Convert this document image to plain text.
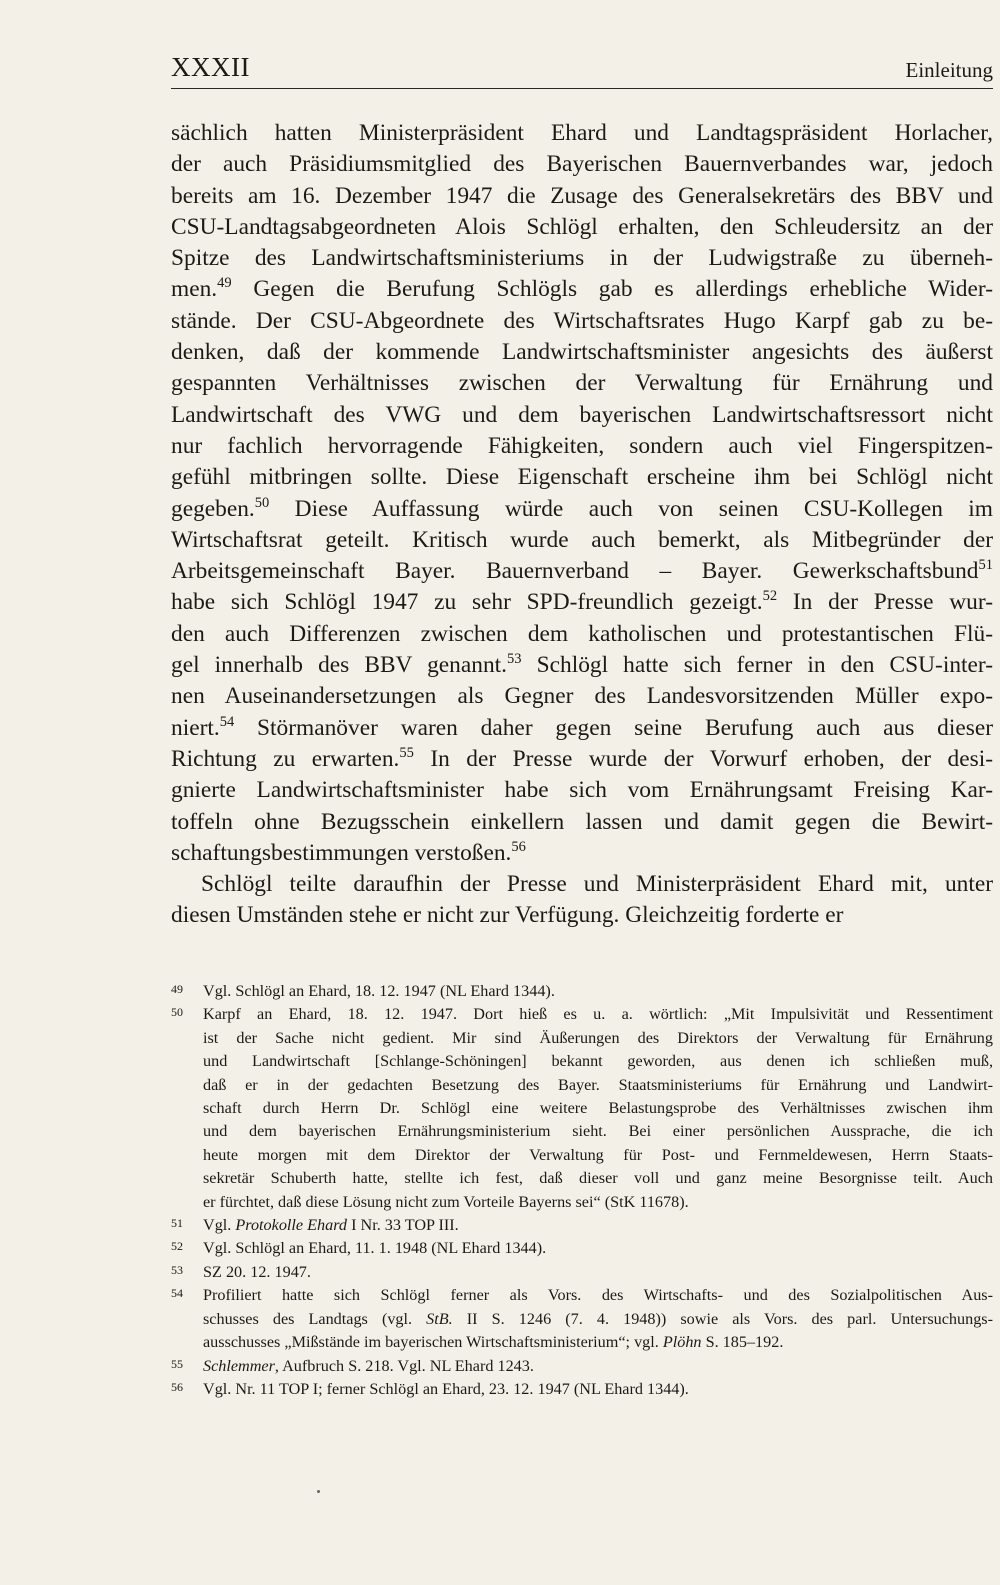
XXXII	Einleitung
sächlich hatten Ministerpräsident Ehard und Landtagspräsident Horlacher,
der auch Präsidiumsmitglied des Bayerischen Bauernverbandes war, jedoch
bereits am 16. Dezember 1947 die Zusage des Generalsekretärs des BBV und
CSU-Landtagsabgeordneten Alois Schlögl erhalten, den Schleudersitz an der
Spitze des Landwirtschaftsministeriums in der Ludwigstraße zu überneh-
men.$^{49}$ Gegen die Berufung Schlögls gab es allerdings erhebliche Wider-
stände. Der CSU-Abgeordnete des Wirtschaftsrates Hugo Karpf gab zu be-
denken, daß der kommende Landwirtschaftsminister angesichts des äußerst
gespannten Verhältnisses zwischen der Verwaltung für Ernährung und
Landwirtschaft des VWG und dem bayerischen Landwirtschaftsressort nicht
nur fachlich hervorragende Fähigkeiten, sondern auch viel Fingerspitzen-
gefühl mitbringen sollte. Diese Eigenschaft erscheine ihm bei Schlögl nicht
gegeben.$^{50}$ Diese Auffassung würde auch von seinen CSU-Kollegen im
Wirtschaftsrat geteilt. Kritisch wurde auch bemerkt, als Mitbegründer der
Arbeitsgemeinschaft Bayer. Bauernverband – Bayer. Gewerkschaftsbund$^{51}$
habe sich Schlögl 1947 zu sehr SPD-freundlich gezeigt.$^{52}$ In der Presse wur-
den auch Differenzen zwischen dem katholischen und protestantischen Flü-
gel innerhalb des BBV genannt.$^{53}$ Schlögl hatte sich ferner in den CSU-inter-
nen Auseinandersetzungen als Gegner des Landesvorsitzenden Müller expo-
niert.$^{54}$ Störmanöver waren daher gegen seine Berufung auch aus dieser
Richtung zu erwarten.$^{55}$ In der Presse wurde der Vorwurf erhoben, der desi-
gnierte Landwirtschaftsminister habe sich vom Ernährungsamt Freising Kar-
toffeln ohne Bezugsschein einkellern lassen und damit gegen die Bewirt-
schaftungsbestimmungen verstoßen.$^{56}$
Schlögl teilte daraufhin der Presse und Ministerpräsident Ehard mit, unter
diesen Umständen stehe er nicht zur Verfügung. Gleichzeitig forderte er
49 Vgl. Schlögl an Ehard, 18. 12. 1947 (NL Ehard 1344).
50 Karpf an Ehard, 18. 12. 1947. Dort hieß es u. a. wörtlich: „Mit Impulsivität und Ressentiment
ist der Sache nicht gedient. Mir sind Äußerungen des Direktors der Verwaltung für Ernährung
und Landwirtschaft [Schlange-Schöningen] bekannt geworden, aus denen ich schließen muß,
daß er in der gedachten Besetzung des Bayer. Staatsministeriums für Ernährung und Landwirt-
schaft durch Herrn Dr. Schlögl eine weitere Belastungsprobe des Verhältnisses zwischen ihm
und dem bayerischen Ernährungsministerium sieht. Bei einer persönlichen Aussprache, die ich
heute morgen mit dem Direktor der Verwaltung für Post- und Fernmeldewesen, Herrn Staats-
sekretär Schuberth hatte, stellte ich fest, daß dieser voll und ganz meine Besorgnisse teilt. Auch
er fürchtet, daß diese Lösung nicht zum Vorteile Bayerns sei“ (StK 11678).
51 Vgl. Protokolle Ehard I Nr. 33 TOP III.
52 Vgl. Schlögl an Ehard, 11. 1. 1948 (NL Ehard 1344).
53 SZ 20. 12. 1947.
54 Profiliert hatte sich Schlögl ferner als Vors. des Wirtschafts- und des Sozialpolitischen Aus-
schusses des Landtags (vgl. StB. II S. 1246 (7. 4. 1948)) sowie als Vors. des parl. Untersuchungs-
ausschusses „Mißstände im bayerischen Wirtschaftsministerium“; vgl. Plöhn S. 185–192.
55 Schlemmer, Aufbruch S. 218. Vgl. NL Ehard 1243.
56 Vgl. Nr. 11 TOP I; ferner Schlögl an Ehard, 23. 12. 1947 (NL Ehard 1344).
